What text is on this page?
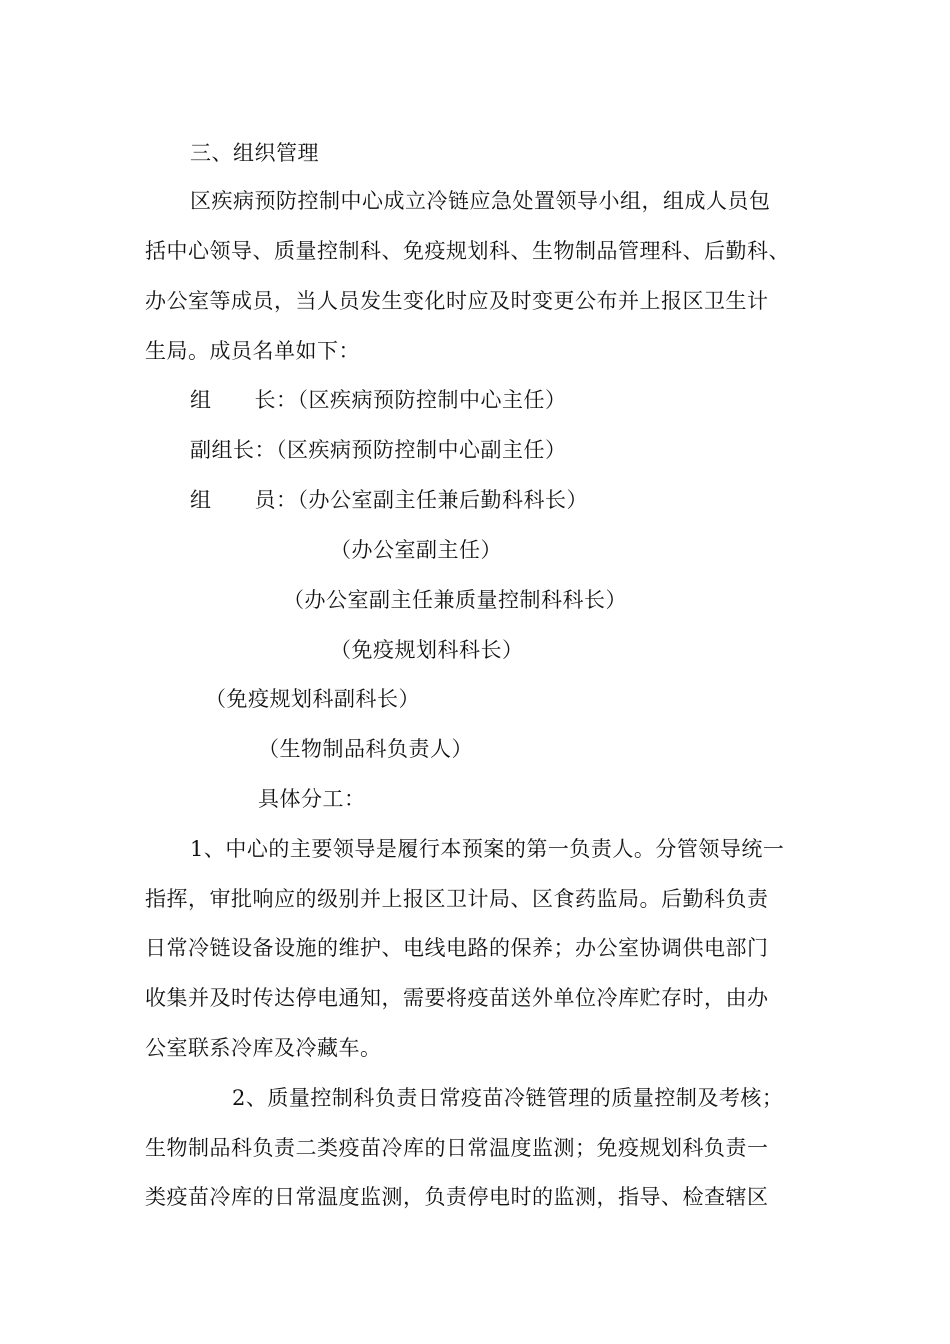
三、组织管理
区疾病预防控制中心成立冷链应急处置领导小组，组成人员包
括中心领导、质量控制科、免疫规划科、生物制品管理科、后勤科、
办公室等成员，当人员发生变化时应及时变更公布并上报区卫生计
生局。成员名单如下：
组　　长：（区疾病预防控制中心主任）
副组长：（区疾病预防控制中心副主任）
组　　员：（办公室副主任兼后勤科科长）
（办公室副主任）
（办公室副主任兼质量控制科科长）
（免疫规划科科长）
（免疫规划科副科长）
（生物制品科负责人）
具体分工：
1、中心的主要领导是履行本预案的第一负责人。分管领导统一
指挥，审批响应的级别并上报区卫计局、区食药监局。后勤科负责
日常冷链设备设施的维护、电线电路的保养；办公室协调供电部门
收集并及时传达停电通知，需要将疫苗送外单位冷库贮存时，由办
公室联系冷库及冷藏车。
2、质量控制科负责日常疫苗冷链管理的质量控制及考核；
生物制品科负责二类疫苗冷库的日常温度监测；免疫规划科负责一
类疫苗冷库的日常温度监测，负责停电时的监测，指导、检查辖区
